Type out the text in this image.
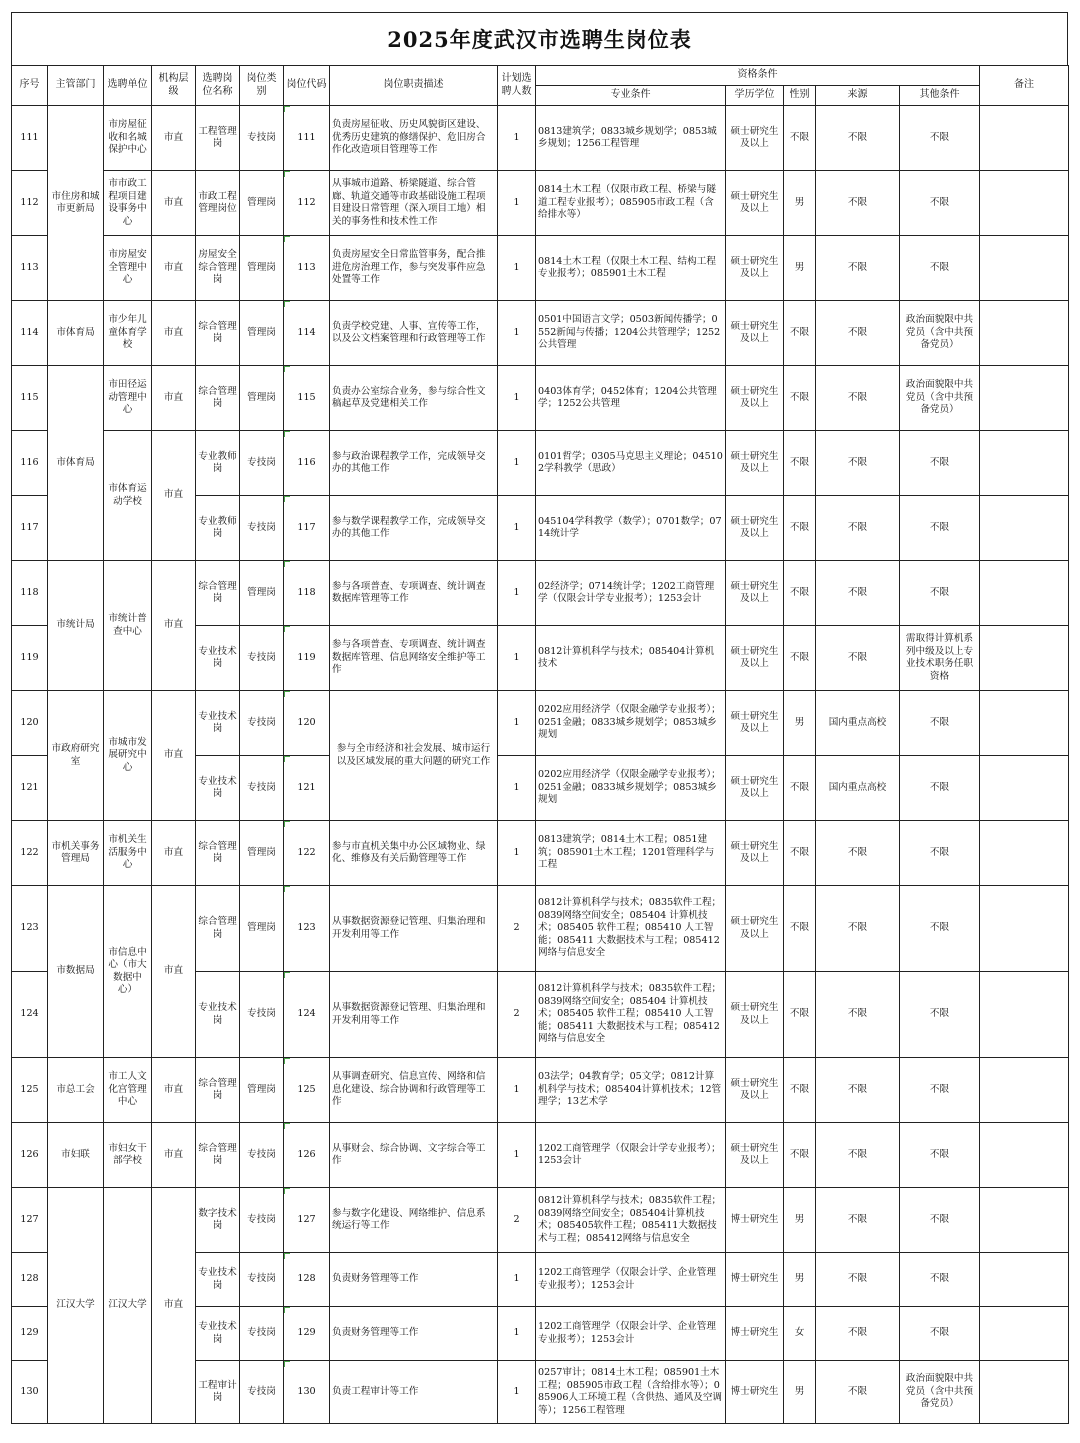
2025年度武汉市选聘生岗位表
序号	主管部门	选聘单位	机构层级	选聘岗位名称	岗位类别	岗位代码	岗位职责描述	计划选聘人数	资格条件					备注
									专业条件	学历学位	性别	来源	其他条件	
111	市住房和城市更新局	市房屋征收和名城保护中心	市直	工程管理岗	专技岗	111	负责房屋征收、历史风貌街区建设、优秀历史建筑的修缮保护、危旧房合作化改造项目管理等工作	1	0813建筑学；0833城乡规划学；0853城乡规划；1256工程管理	硕士研究生及以上	不限	不限	不限	
112		市市政工程项目建设事务中心	市直	市政工程管理岗位	管理岗	112	从事城市道路、桥梁隧道、综合管廊、轨道交通等市政基础设施工程项目建设日常管理（深入项目工地）相关的事务性和技术性工作	1	0814土木工程（仅限市政工程、桥梁与隧道工程专业报考）；085905市政工程（含给排水等）	硕士研究生及以上	男	不限	不限	
113		市房屋安全管理中心	市直	房屋安全综合管理岗	管理岗	113	负责房屋安全日常监管事务，配合推进危房治理工作，参与突发事件应急处置等工作	1	0814土木工程（仅限土木工程、结构工程专业报考）；085901土木工程	硕士研究生及以上	男	不限	不限	
114	市体育局	市少年儿童体育学校	市直	综合管理岗	管理岗	114	负责学校党建、人事、宣传等工作，以及公文档案管理和行政管理等工作	1	0501中国语言文学；0503新闻传播学；0552新闻与传播；1204公共管理学；1252公共管理	硕士研究生及以上	不限	不限	政治面貌限中共党员（含中共预备党员）	
115	市体育局	市田径运动管理中心	市直	综合管理岗	管理岗	115	负责办公室综合业务，参与综合性文稿起草及党建相关工作	1	0403体育学；0452体育；1204公共管理学；1252公共管理	硕士研究生及以上	不限	不限	政治面貌限中共党员（含中共预备党员）	
116		市体育运动学校	市直	专业教师岗	专技岗	116	参与政治课程教学工作，完成领导交办的其他工作	1	0101哲学；0305马克思主义理论；045102学科教学（思政）	硕士研究生及以上	不限	不限	不限	
117				专业教师岗	专技岗	117	参与数学课程教学工作，完成领导交办的其他工作	1	045104学科教学（数学）；0701数学；0714统计学	硕士研究生及以上	不限	不限	不限	
118	市统计局	市统计普查中心	市直	综合管理岗	管理岗	118	参与各项普查、专项调查、统计调查数据库管理等工作	1	02经济学；0714统计学；1202工商管理学（仅限会计学专业报考）；1253会计	硕士研究生及以上	不限	不限	不限	
119				专业技术岗	专技岗	119	参与各项普查、专项调查、统计调查数据库管理、信息网络安全维护等工作	1	0812计算机科学与技术；085404计算机技术	硕士研究生及以上	不限	不限	需取得计算机系列中级及以上专业技术职务任职资格	
120	市政府研究室	市城市发展研究中心	市直	专业技术岗	专技岗	120	参与全市经济和社会发展、城市运行以及区域发展的重大问题的研究工作	1	0202应用经济学（仅限金融学专业报考）；0251金融；0833城乡规划学；0853城乡规划	硕士研究生及以上	男	国内重点高校	不限	
121				专业技术岗	专技岗	121		1	0202应用经济学（仅限金融学专业报考）；0251金融；0833城乡规划学；0853城乡规划	硕士研究生及以上	不限	国内重点高校	不限	
122	市机关事务管理局	市机关生活服务中心	市直	综合管理岗	管理岗	122	参与市直机关集中办公区域物业、绿化、维修及有关后勤管理等工作	1	0813建筑学；0814土木工程；0851建筑；085901土木工程；1201管理科学与工程	硕士研究生及以上	不限	不限	不限	
123	市数据局	市信息中心（市大数据中心）	市直	综合管理岗	管理岗	123	从事数据资源登记管理、归集治理和开发利用等工作	2	0812计算机科学与技术；0835软件工程；0839网络空间安全；085404 计算机技术；085405 软件工程；085410 人工智能；085411 大数据技术与工程；085412 网络与信息安全	硕士研究生及以上	不限	不限	不限	
124				专业技术岗	专技岗	124	从事数据资源登记管理、归集治理和开发利用等工作	2	0812计算机科学与技术；0835软件工程；0839网络空间安全；085404 计算机技术；085405 软件工程；085410 人工智能；085411 大数据技术与工程；085412 网络与信息安全	硕士研究生及以上	不限	不限	不限	
125	市总工会	市工人文化宫管理中心	市直	综合管理岗	管理岗	125	从事调查研究、信息宣传、网络和信息化建设、综合协调和行政管理等工作	1	03法学；04教育学；05文学；0812计算机科学与技术；085404计算机技术；12管理学；13艺术学	硕士研究生及以上	不限	不限	不限	
126	市妇联	市妇女干部学校	市直	综合管理岗	专技岗	126	从事财会、综合协调、文字综合等工作	1	1202工商管理学（仅限会计学专业报考）；1253会计	硕士研究生及以上	不限	不限	不限	
127	江汉大学	江汉大学	市直	数字技术岗	专技岗	127	参与数字化建设、网络维护、信息系统运行等工作	2	0812计算机科学与技术；0835软件工程；0839网络空间安全；085404计算机技术；085405软件工程；085411大数据技术与工程；085412网络与信息安全	博士研究生	男	不限	不限	
128				专业技术岗	专技岗	128	负责财务管理等工作	1	1202工商管理学（仅限会计学、企业管理专业报考）；1253会计	博士研究生	男	不限	不限	
129				专业技术岗	专技岗	129	负责财务管理等工作	1	1202工商管理学（仅限会计学、企业管理专业报考）；1253会计	博士研究生	女	不限	不限	
130				工程审计岗	专技岗	130	负责工程审计等工作	1	0257审计；0814土木工程；085901土木工程；085905市政工程（含给排水等）；085906人工环境工程（含供热、通风及空调等）；1256工程管理	博士研究生	男	不限	政治面貌限中共党员（含中共预备党员）	
